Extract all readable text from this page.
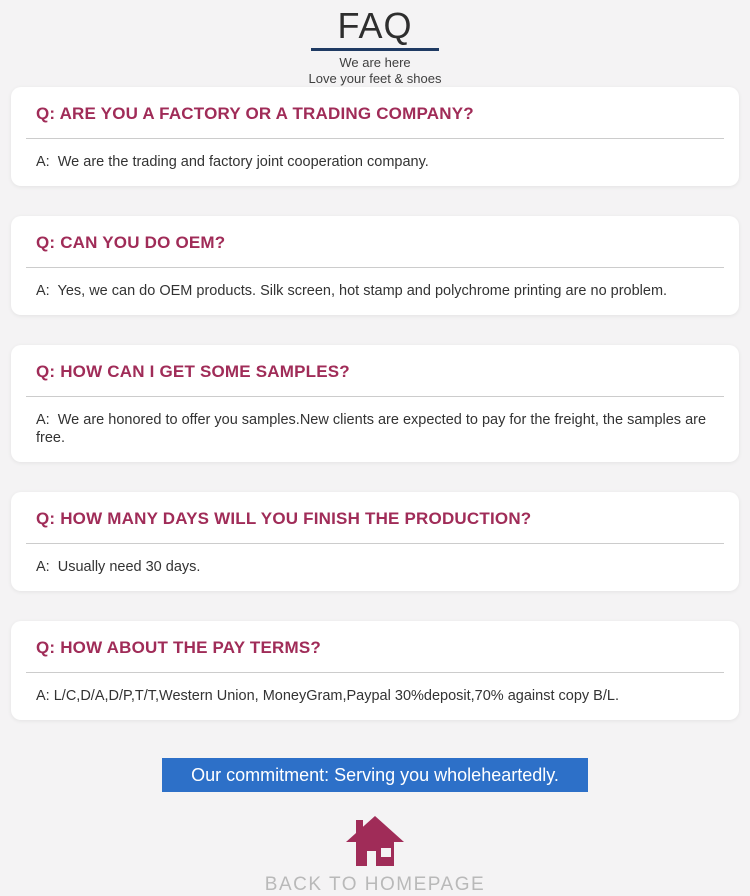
FAQ
We are here
Love your feet & shoes
Q: ARE YOU A FACTORY OR A TRADING COMPANY?
A:  We are the trading and factory joint cooperation company.
Q: CAN YOU DO OEM?
A:  Yes, we can do OEM products. Silk screen, hot stamp and polychrome printing are no problem.
Q: HOW CAN I GET SOME SAMPLES?
A:  We are honored to offer you samples.New clients are expected to pay for the freight, the samples are free.
Q: HOW MANY DAYS WILL YOU FINISH THE PRODUCTION?
A:  Usually need 30 days.
Q: HOW ABOUT THE PAY TERMS?
A: L/C,D/A,D/P,T/T,Western Union, MoneyGram,Paypal 30%deposit,70% against copy B/L.
Our commitment: Serving you wholeheartedly.
BACK TO HOMEPAGE
